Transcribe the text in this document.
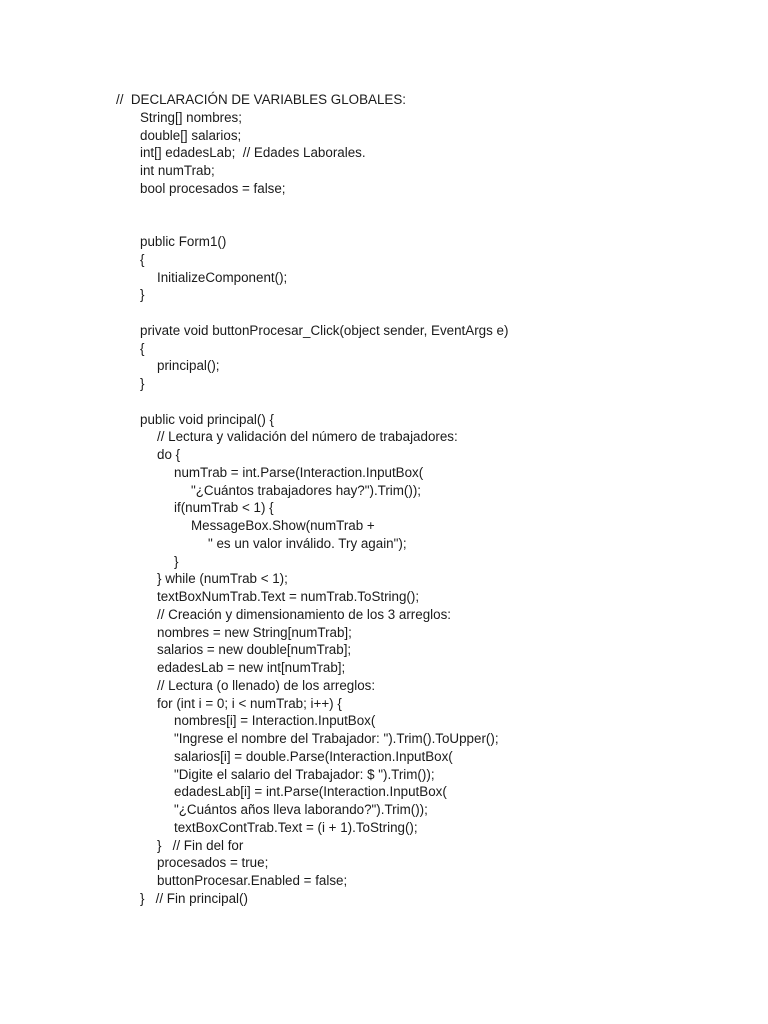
//  DECLARACIÓN DE VARIABLES GLOBALES:
String[] nombres;
double[] salarios;
int[] edadesLab;  // Edades Laborales.
int numTrab;
bool procesados = false;
public Form1()
{
InitializeComponent();
}
private void buttonProcesar_Click(object sender, EventArgs e)
{
principal();
}
public void principal() {
// Lectura y validación del número de trabajadores:
do {
numTrab = int.Parse(Interaction.InputBox(
"¿Cuántos trabajadores hay?").Trim());
if(numTrab < 1) {
MessageBox.Show(numTrab +
" es un valor inválido. Try again");
}
} while (numTrab < 1);
textBoxNumTrab.Text = numTrab.ToString();
// Creación y dimensionamiento de los 3 arreglos:
nombres = new String[numTrab];
salarios = new double[numTrab];
edadesLab = new int[numTrab];
// Lectura (o llenado) de los arreglos:
for (int i = 0; i < numTrab; i++) {
nombres[i] = Interaction.InputBox(
"Ingrese el nombre del Trabajador: ").Trim().ToUpper();
salarios[i] = double.Parse(Interaction.InputBox(
"Digite el salario del Trabajador: $ ").Trim());
edadesLab[i] = int.Parse(Interaction.InputBox(
"¿Cuántos años lleva laborando?").Trim());
textBoxContTrab.Text = (i + 1).ToString();
}   // Fin del for
procesados = true;
buttonProcesar.Enabled = false;
}   // Fin principal()
